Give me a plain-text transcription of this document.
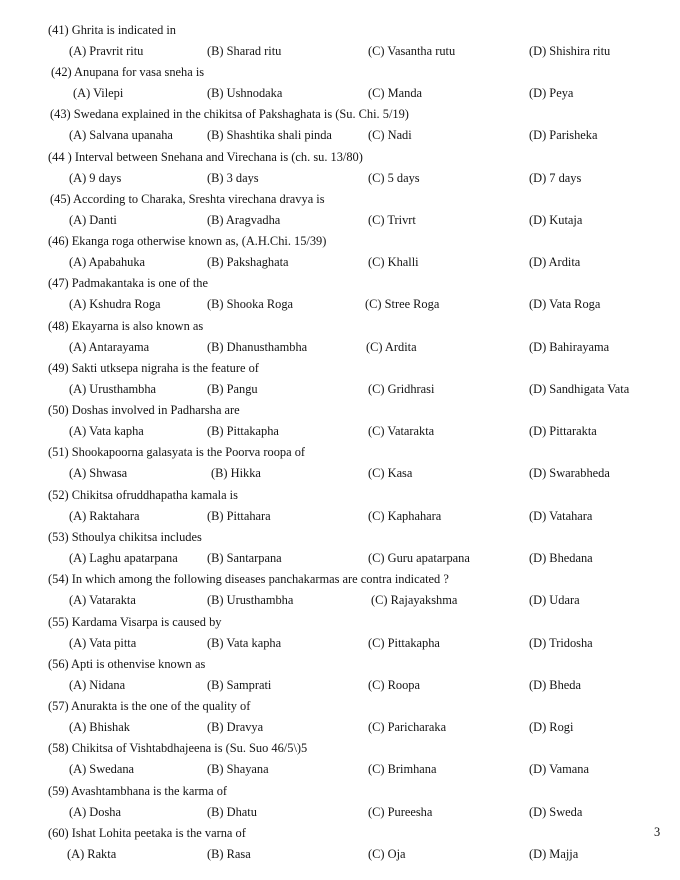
(41) Ghrita is indicated in
(A) Pravrit ritu	(B) Sharad ritu	(C) Vasantha rutu	(D) Shishira ritu
(42) Anupana for vasa sneha is
(A) Vilepi	(B) Ushnodaka	(C) Manda	(D) Peya
(43) Swedana explained in the chikitsa of Pakshaghata is (Su. Chi. 5/19)
(A) Salvana upanaha	(B) Shashtika shali pinda	(C) Nadi	(D) Parisheka
(44 ) Interval between Snehana and Virechana is (ch. su. 13/80)
(A) 9 days	(B) 3 days	(C) 5 days	(D) 7 days
(45) According to Charaka, Sreshta virechana dravya is
(A) Danti	(B) Aragvadha	(C) Trivrt	(D) Kutaja
(46) Ekanga roga otherwise known as, (A.H.Chi. 15/39)
(A) Apabahuka	(B) Pakshaghata	(C) Khalli	(D) Ardita
(47) Padmakantaka is one of the
(A) Kshudra Roga	(B) Shooka Roga	(C) Stree Roga	(D) Vata Roga
(48) Ekayarna is also known as
(A) Antarayama	(B) Dhanusthambha	(C) Ardita	(D) Bahirayama
(49) Sakti utksepa nigraha is the feature of
(A) Urusthambha	(B) Pangu	(C) Gridhrasi	(D) Sandhigata Vata
(50) Doshas involved in Padharsha are
(A) Vata kapha	(B) Pittakapha	(C) Vatarakta	(D) Pittarakta
(51) Shookapoorna galasyata is the Poorva roopa of
(A) Shwasa	(B) Hikka	(C) Kasa	(D) Swarabheda
(52) Chikitsa ofruddhapatha kamala is
(A) Raktahara	(B) Pittahara	(C) Kaphahara	(D) Vatahara
(53) Sthoulya chikitsa includes
(A) Laghu apatarpana (B) Santarpana	(C) Guru apatarpana	(D) Bhedana
(54) In which among the following diseases panchakarmas are contra indicated ?
(A) Vatarakta	(B) Urusthambha	(C) Rajayakshma	(D) Udara
(55) Kardama Visarpa is caused by
(A) Vata pitta	(B) Vata kapha	(C) Pittakapha	(D) Tridosha
(56) Apti is othenvise known as
(A) Nidana	(B) Samprati	(C) Roopa	(D) Bheda
(57) Anurakta is the one of the quality of
(A) Bhishak	(B) Dravya	(C) Paricharaka	(D) Rogi
(58) Chikitsa of Vishtabdhajeena is (Su. Suo 46/5\)5
(A) Swedana	(B) Shayana	(C) Brimhana	(D) Vamana
(59) Avashtambhana is the karma of
(A) Dosha	(B) Dhatu	(C) Pureesha	(D) Sweda
(60) Ishat Lohita peetaka is the varna of
(A) Rakta	(B) Rasa	(C) Oja	(D) Majja
3
